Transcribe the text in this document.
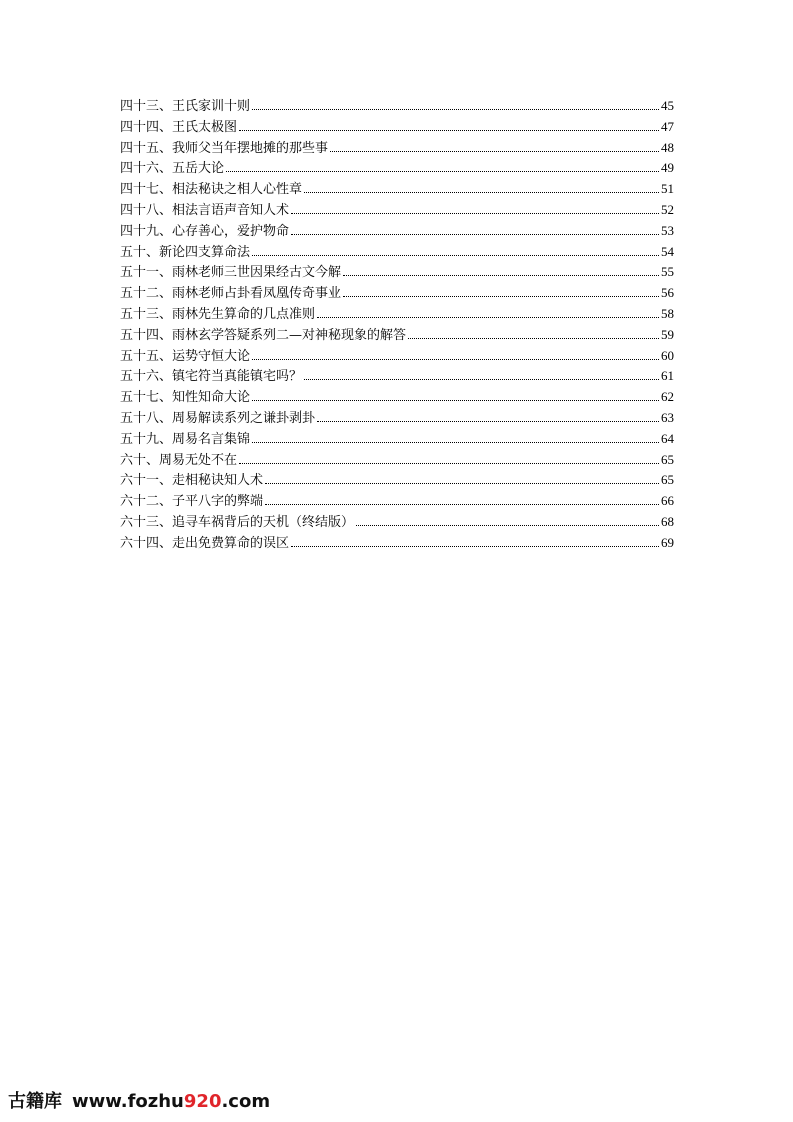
四十三、王氏家训十则	45
四十四、王氏太极图	47
四十五、我师父当年摆地摊的那些事	48
四十六、五岳大论	49
四十七、相法秘诀之相人心性章	51
四十八、相法言语声音知人术	52
四十九、心存善心，爱护物命	53
五十、新论四支算命法	54
五十一、雨林老师三世因果经古文今解	55
五十二、雨林老师占卦看凤凰传奇事业	56
五十三、雨林先生算命的几点准则	58
五十四、雨林玄学答疑系列二—对神秘现象的解答	59
五十五、运势守恒大论	60
五十六、镇宅符当真能镇宅吗？	61
五十七、知性知命大论	62
五十八、周易解读系列之谦卦剥卦	63
五十九、周易名言集锦	64
六十、周易无处不在	65
六十一、走相秘诀知人术	65
六十二、子平八字的弊端	66
六十三、追寻车祸背后的天机（终结版）	68
六十四、走出免费算命的误区	69
古籍库 www.fozhu920.com
